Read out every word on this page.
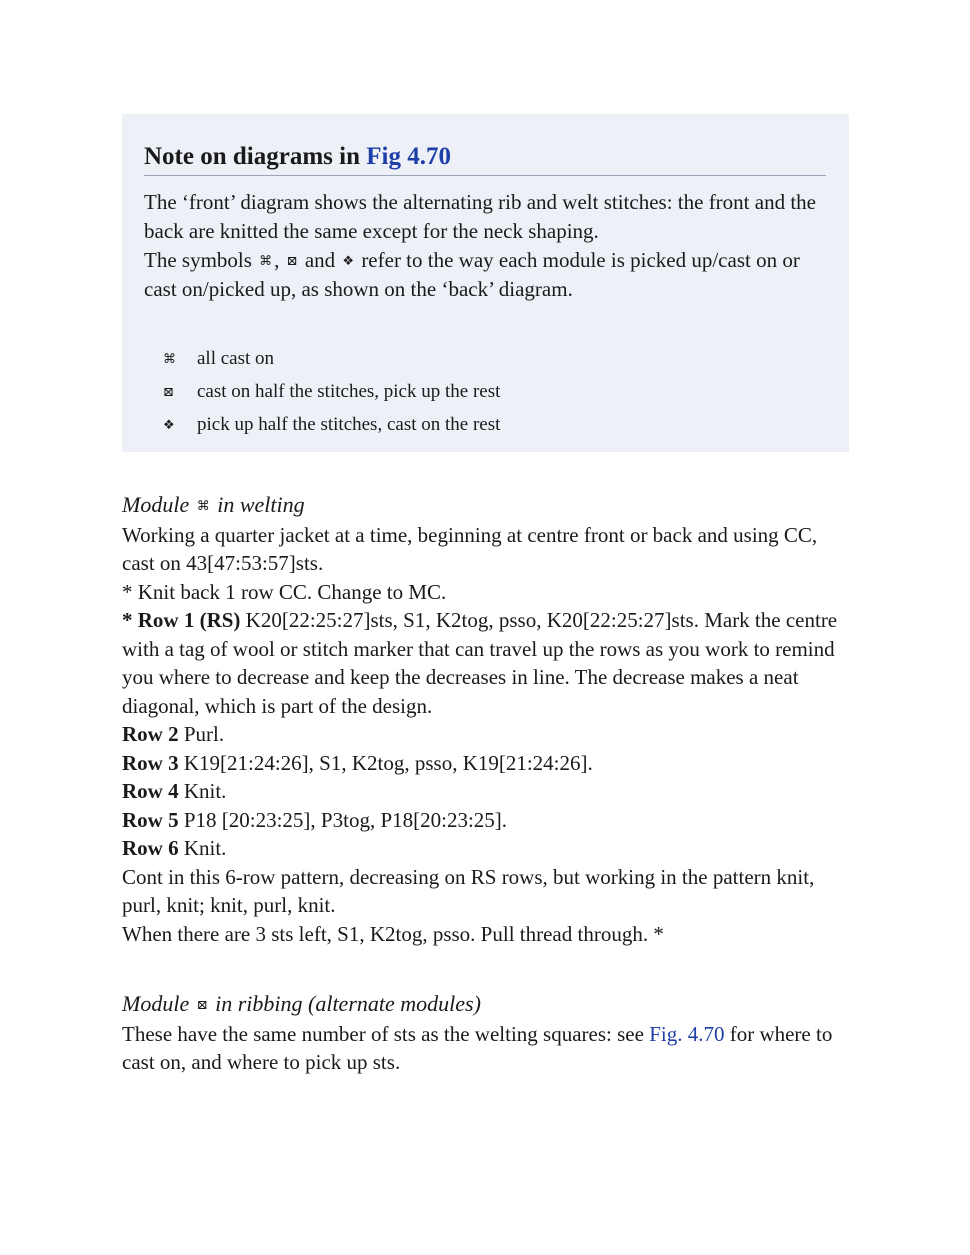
Note on diagrams in Fig 4.70

The ‘front’ diagram shows the alternating rib and welt stitches: the front and the back are knitted the same except for the neck shaping.
The symbols ⌘, ⊠ and ❖ refer to the way each module is picked up/cast on or cast on/picked up, as shown on the ‘back’ diagram.

⌘	all cast on
⊠	cast on half the stitches, pick up the rest
❖	pick up half the stitches, cast on the rest

Module ⌘ in welting

Working a quarter jacket at a time, beginning at centre front or back and using CC, cast on 43[47:53:57]sts.

* Knit back 1 row CC. Change to MC.

* Row 1 (RS) K20[22:25:27]sts, S1, K2tog, psso, K20[22:25:27]sts. Mark the centre with a tag of wool or stitch marker that can travel up the rows as you work to remind you where to decrease and keep the decreases in line. The decrease makes a neat diagonal, which is part of the design.

Row 2 Purl.

Row 3 K19[21:24:26], S1, K2tog, psso, K19[21:24:26].

Row 4 Knit.

Row 5 P18 [20:23:25], P3tog, P18[20:23:25].

Row 6 Knit.

Cont in this 6-row pattern, decreasing on RS rows, but working in the pattern knit, purl, knit; knit, purl, knit.

When there are 3 sts left, S1, K2tog, psso. Pull thread through. *

Module ⊠ in ribbing (alternate modules)

These have the same number of sts as the welting squares: see Fig. 4.70 for where to cast on, and where to pick up sts.
